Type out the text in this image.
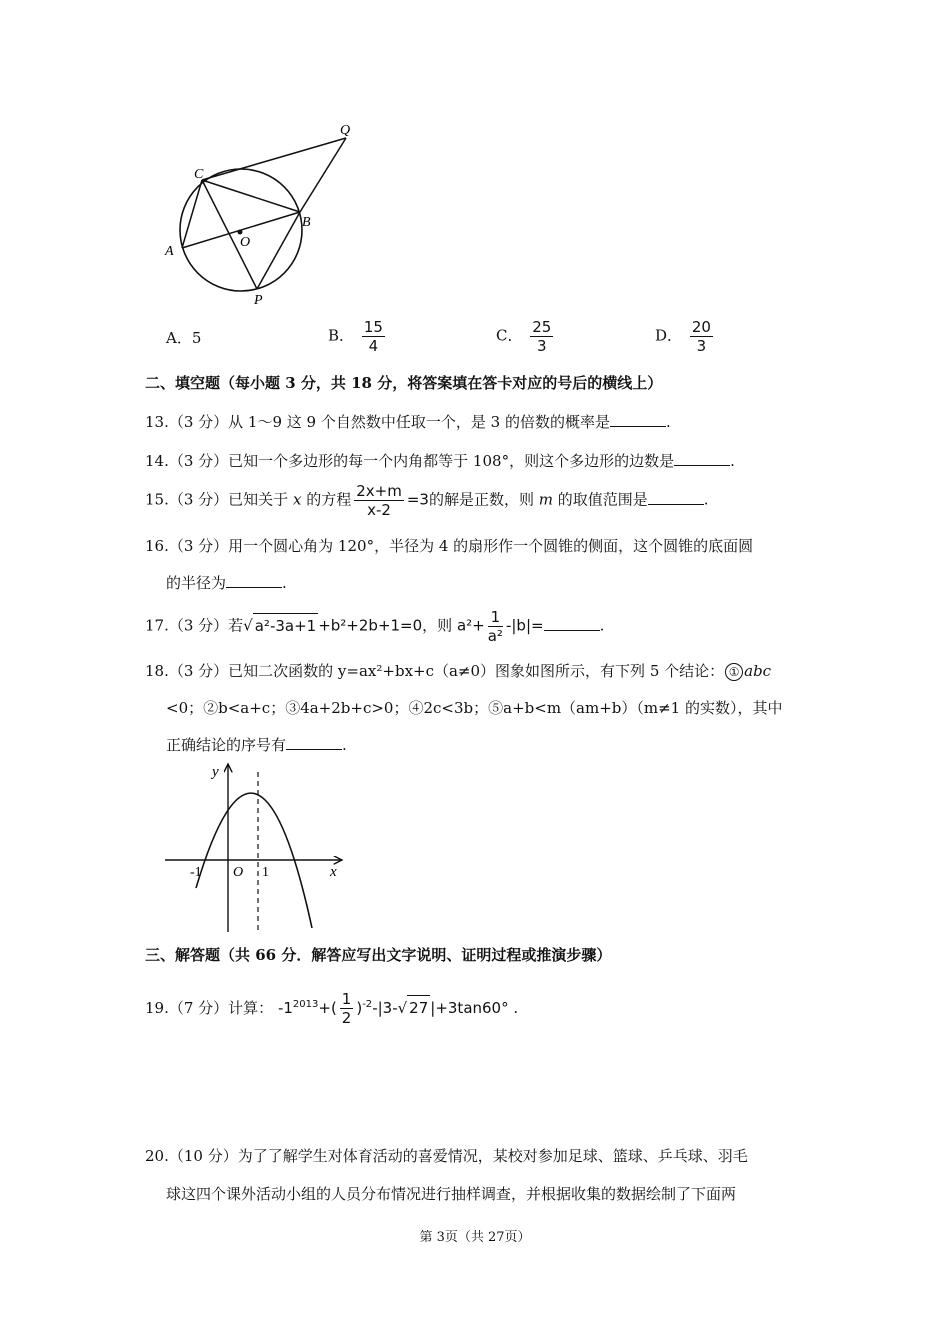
Q
C
B
A
O
P
A．5	B． $\frac{15}{4}$	C． $\frac{25}{3}$	D． $\frac{20}{3}$
二、填空题（每小题 3 分，共 18 分，将答案填在答卡对应的号后的横线上）
13.（3 分）从 1～9 这 9 个自然数中任取一个，是 3 的倍数的概率是	.
14.（3 分）已知一个多边形的每一个内角都等于 108°，则这个多边形的边数是	.
15.（3 分）已知关于 x 的方程 $\frac{2x+m}{x-2} =3$的解是正数，则 m 的取值范围是	.
16.（3 分）用一个圆心角为 120°，半径为 4 的扇形作一个圆锥的侧面，这个圆锥的底面圆
的半径为	.
17.（3 分）若√ a²-3a+1 +b²+2b+1=0，则 $a^2+ \frac{1}{\text{a²}} -|b|=$	.
18.（3 分）已知二次函数的 y=ax²+bx+c（a≠0）图象如图所示，有下列 5 个结论： ① abc
<0；②b<a+c；③4a+2b+c>0；④2c<3b；⑤a+b<m（am+b）（m≠1 的实数），其中
正确结论的序号有	.
y
x
O
-1	1
三、解答题（共 66 分．解答应写出文字说明、证明过程或推演步骤）
19.（7 分）计算： $-1^{2013}+( \frac{1}{2} )^{-2}-|3-√$ 27 |+3tan60° .
20.（10 分）为了了解学生对体育活动的喜爱情况，某校对参加足球、篮球、乒乓球、羽毛
球这四个课外活动小组的人员分布情况进行抽样调查，并根据收集的数据绘制了下面两
第 3页（共 27页）
